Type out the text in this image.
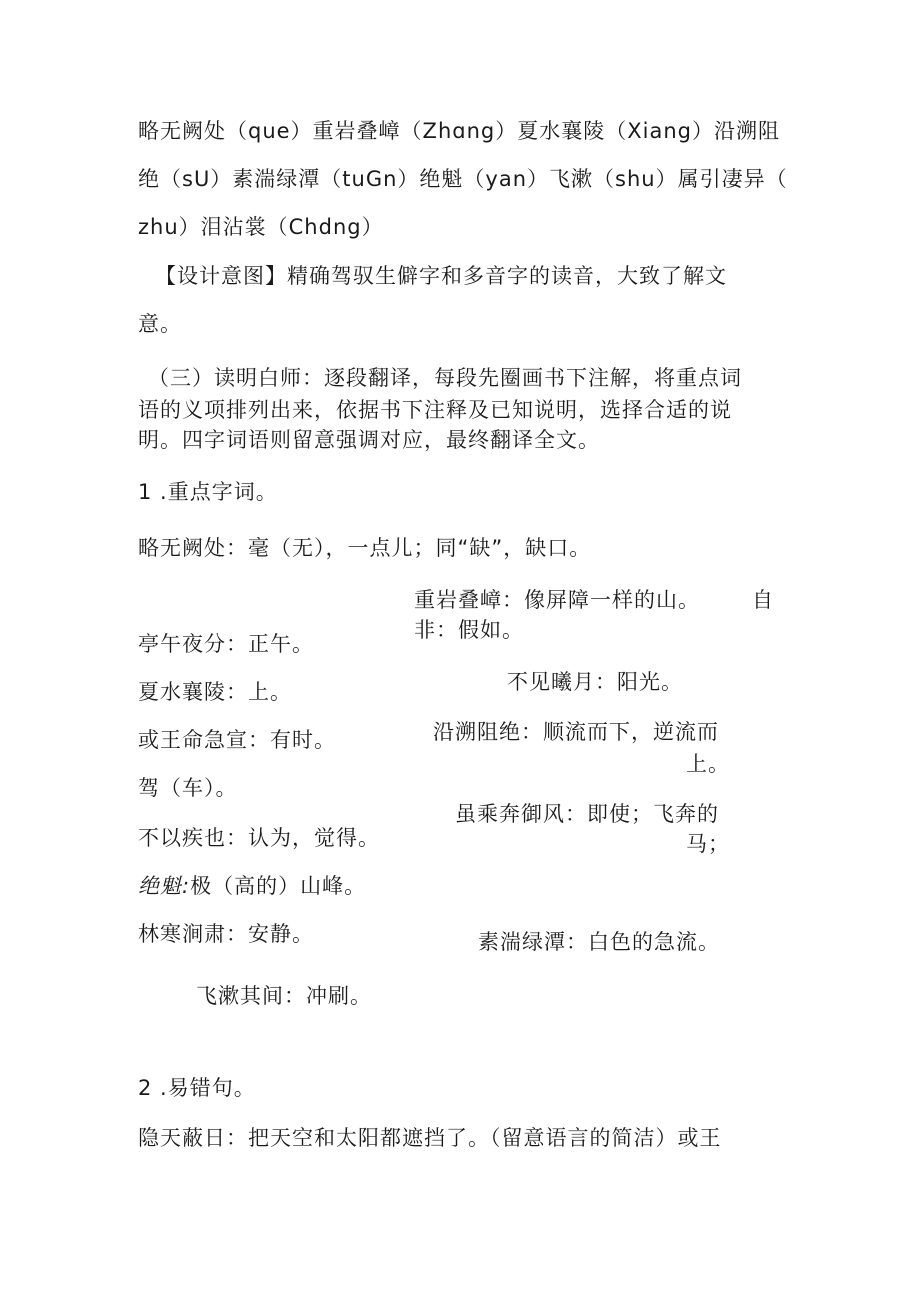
略无阙处（que）重岩叠嶂（Zhɑng）夏水襄陵（Xiang）沿溯阻
绝（sU）素湍绿潭（tuGn）绝魁（yan）飞漱（shu）属引凄异（
zhu）泪沾裳（Chdng）
【设计意图】精确驾驭生僻字和多音字的读音，大致了解文
意。
（三）读明白师：逐段翻译，每段先圈画书下注解，将重点词
语的义项排列出来，依据书下注释及已知说明，选择合适的说
明。四字词语则留意强调对应，最终翻译全文。
1 .重点字词。
略无阙处：毫（无），一点儿；同“缺”，缺口。
重岩叠嶂：像屏障一样的山。 自
非：假如。
亭午夜分：正午。
不见曦月：阳光。
夏水襄陵：上。
沿溯阻绝：顺流而下，逆流而
上。
或王命急宣：有时。
驾（车）。
虽乘奔御风：即使；飞奔的
马；
不以疾也：认为，觉得。
绝魁:极（高的）山峰。
林寒涧肃：安静。	素湍绿潭：白色的急流。
飞漱其间：冲刷。
2 .易错句。
隐天蔽日：把天空和太阳都遮挡了。（留意语言的简洁）或王
